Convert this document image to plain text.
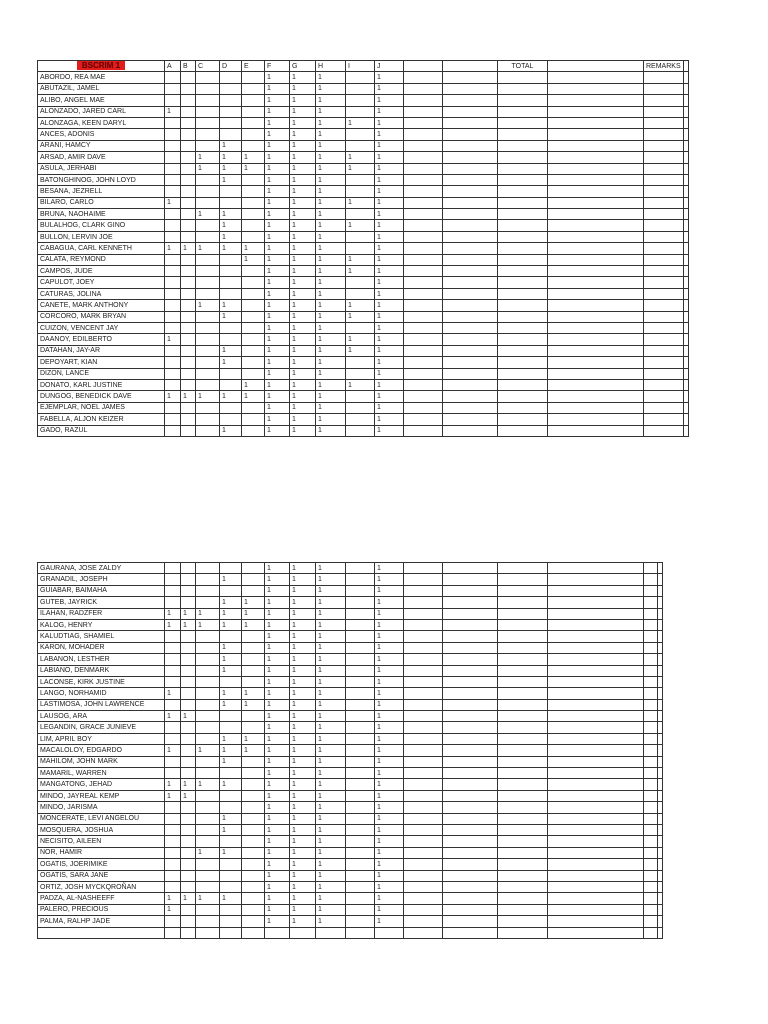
BSCRIM 1	A	B	C	D	E	F	G	H	I	J			TOTAL		REMARKS	
ABORDO, REA MAE						1	1	1		1						
ABUTAZIL, JAMEL						1	1	1		1						
ALIBO, ANGEL MAE						1	1	1		1						
ALONZADO, JARED CARL	1					1	1	1		1						
ALONZAGA, KEEN DARYL						1	1	1	1	1						
ANCES, ADONIS						1	1	1		1						
ARANI, HAMCY				1		1	1	1		1						
ARSAD, AMIR DAVE			1	1	1	1	1	1	1	1						
ASULA, JERHABI			1	1	1	1	1	1	1	1						
BATONGHINOG, JOHN LOYD				1		1	1	1		1						
BESANA, JEZRELL						1	1	1		1						
BILARO, CARLO	1					1	1	1	1	1						
BRUNA, NAOHAIME			1	1		1	1	1		1						
BULALHOG, CLARK GINO				1		1	1	1	1	1						
BULLON, LERVIN JOE				1		1	1	1		1						
CABAGUA, CARL KENNETH	1	1	1	1	1	1	1	1		1						
CALATA, REYMOND					1	1	1	1	1	1						
CAMPOS, JUDE						1	1	1	1	1						
CAPULOT, JOEY						1	1	1		1						
CATURAS, JOLINA						1	1	1		1						
CANETE, MARK ANTHONY			1	1		1	1	1	1	1						
CORCORO, MARK BRYAN				1		1	1	1	1	1						
CUIZON, VENCENT JAY						1	1	1		1						
DAANOY, EDILBERTO	1					1	1	1	1	1						
DATAHAN, JAY-AR				1		1	1	1	1	1						
DEPOYART, KIAN				1		1	1	1		1						
DIZON, LANCE						1	1	1		1						
DONATO, KARL JUSTINE					1	1	1	1	1	1						
DUNGOG, BENEDICK DAVE	1	1	1	1	1	1	1	1		1						
EJEMPLAR, NOEL JAMES						1	1	1		1						
FABELLA, ALJON KEIZER						1	1	1		1						
GADO, RAZUL				1		1	1	1		1						
GAURANA, JOSE ZALDY						1	1	1		1						
GRANADIL, JOSEPH				1		1	1	1		1						
GUIABAR, BAIMAHA						1	1	1		1						
GUTEB, JAYRICK				1	1	1	1	1		1						
ILAHAN, RADZFER	1	1	1	1	1	1	1	1		1						
KALOG, HENRY	1	1	1	1	1	1	1	1		1						
KALUDTIAG, SHAMIEL						1	1	1		1						
KARON, MOHADER				1		1	1	1		1						
LABANON, LESTHER				1		1	1	1		1						
LABIANO, DENMARK				1		1	1	1		1						
LACONSE, KIRK JUSTINE						1	1	1		1						
LANGO, NORHAMID	1			1	1	1	1	1		1						
LASTIMOSA, JOHN LAWRENCE				1	1	1	1	1		1						
LAUSOG, ARA	1	1				1	1	1		1						
LEGANDIN, GRACE JUNIEVE						1	1	1		1						
LIM, APRIL BOY				1	1	1	1	1		1						
MACALOLOY, EDGARDO	1		1	1	1	1	1	1		1						
MAHILOM, JOHN MARK				1		1	1	1		1						
MAMARIL, WARREN						1	1	1		1						
MANGATONG, JEHAD	1	1	1	1		1	1	1		1						
MINDO, JAYREAL KEMP	1	1				1	1	1		1						
MINDO, JARISMA						1	1	1		1						
MONCERATE, LEVI ANGELOU				1		1	1	1		1						
MOSQUERA, JOSHUA				1		1	1	1		1						
NECISITO, AILEEN						1	1	1		1						
NOR, HAMIR			1	1		1	1	1		1						
OGATIS, JOERIMIKE						1	1	1		1						
OGATIS, SARA JANE						1	1	1		1						
ORTIZ, JOSH MYCKQROÑAN						1	1	1		1						
PADZA, AL-NASHEEFF	1	1	1	1		1	1	1		1						
PALERO, PRECIOUS	1					1	1	1		1						
PALMA, RALHP JADE						1	1	1		1						
